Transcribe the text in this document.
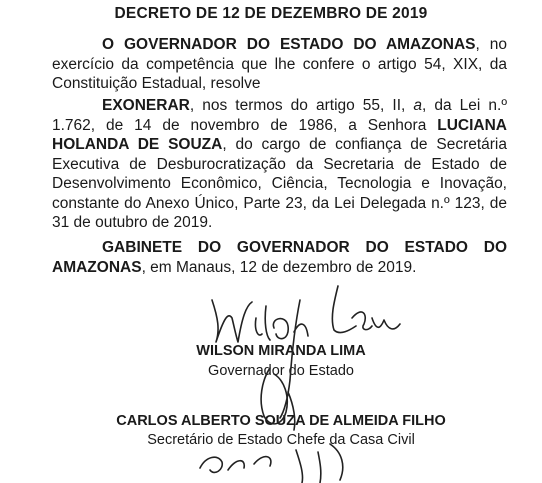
DECRETO DE 12 DE DEZEMBRO DE 2019

O GOVERNADOR DO ESTADO DO AMAZONAS, no exercício da competência que lhe confere o artigo 54, XIX, da Constituição Estadual, resolve

EXONERAR, nos termos do artigo 55, II, a, da Lei n.º 1.762, de 14 de novembro de 1986, a Senhora LUCIANA HOLANDA DE SOUZA, do cargo de confiança de Secretária Executiva de Desburocratização da Secretaria de Estado de Desenvolvimento Econômico, Ciência, Tecnologia e Inovação, constante do Anexo Único, Parte 23, da Lei Delegada n.º 123, de 31 de outubro de 2019.

GABINETE DO GOVERNADOR DO ESTADO DO AMAZONAS, em Manaus, 12 de dezembro de 2019.

WILSON MIRANDA LIMA
Governador do Estado
CARLOS ALBERTO SOUZA DE ALMEIDA FILHO
Secretário de Estado Chefe da Casa Civil
